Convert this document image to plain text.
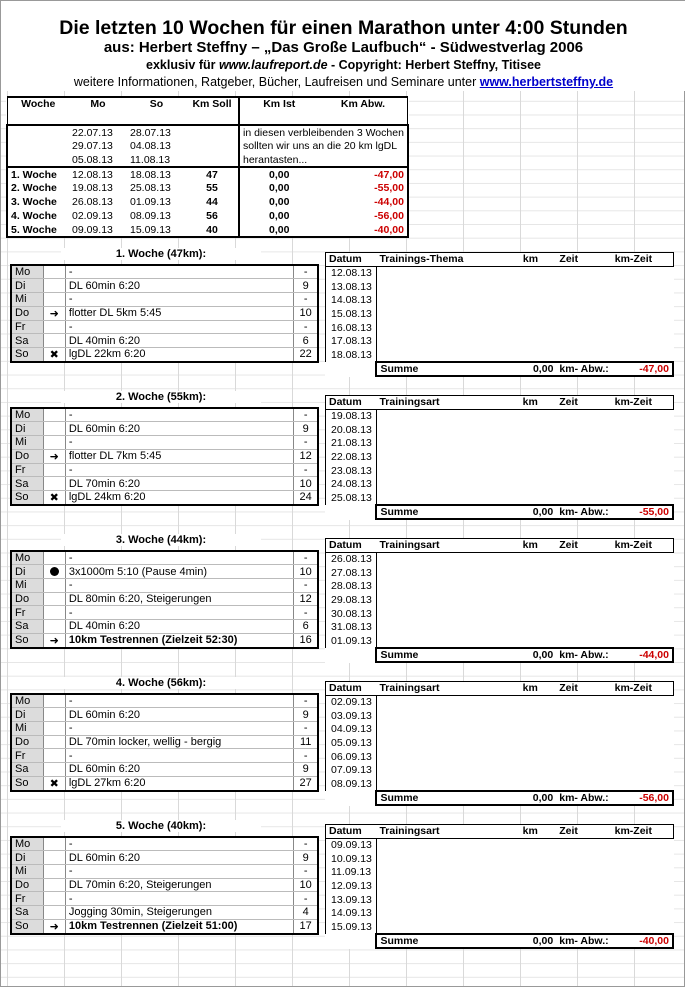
Die letzten 10 Wochen für einen Marathon unter 4:00 Stunden
aus: Herbert Steffny – „Das Große Laufbuch“ - Südwestverlag 2006
exklusiv für www.laufreport.de - Copyright: Herbert Steffny, Titisee
weitere Informationen, Ratgeber, Bücher, Laufreisen und Seminare unter www.herbertsteffny.de
Woche	Mo	So	Km Soll	Km Ist	Km Abw.
	22.07.13	28.07.13		in diesen verbleibenden 3 Wochen	
	29.07.13	04.08.13		sollten wir uns an die 20 km lgDL	
	05.08.13	11.08.13		herantasten...	
1. Woche	12.08.13	18.08.13	47	0,00	-47,00
2. Woche	19.08.13	25.08.13	55	0,00	-55,00
3. Woche	26.08.13	01.09.13	44	0,00	-44,00
4. Woche	02.09.13	08.09.13	56	0,00	-56,00
5. Woche	09.09.13	15.09.13	40	0,00	-40,00
1. Woche (47km):
Mo		-	-
Di		DL 60min 6:20	9
Mi		-	-
Do	➜	flotter DL 5km 5:45	10
Fr		-	-
Sa		DL 40min 6:20	6
So	✖	lgDL 22km 6:20	22
Datum	Trainings-Thema	km	Zeit	km-Zeit
12.08.13				
13.08.13				
14.08.13				
15.08.13				
16.08.13				
17.08.13				
18.08.13				
	Summe	0,00	km- Abw.:	-47,00
2. Woche (55km):
Mo		-	-
Di		DL 60min 6:20	9
Mi		-	-
Do	➜	flotter DL 7km 5:45	12
Fr		-	-
Sa		DL 70min 6:20	10
So	✖	lgDL 24km 6:20	24
Datum	Trainingsart	km	Zeit	km-Zeit
19.08.13				
20.08.13				
21.08.13				
22.08.13				
23.08.13				
24.08.13				
25.08.13				
	Summe	0,00	km- Abw.:	-55,00
3. Woche (44km):
Mo		-	-
Di		3x1000m 5:10 (Pause 4min)	10
Mi		-	-
Do		DL 80min 6:20, Steigerungen	12
Fr		-	-
Sa		DL 40min 6:20	6
So	➜	10km Testrennen (Zielzeit 52:30)	16
Datum	Trainingsart	km	Zeit	km-Zeit
26.08.13				
27.08.13				
28.08.13				
29.08.13				
30.08.13				
31.08.13				
01.09.13				
	Summe	0,00	km- Abw.:	-44,00
4. Woche (56km):
Mo		-	-
Di		DL 60min 6:20	9
Mi		-	-
Do		DL 70min locker, wellig - bergig	11
Fr		-	-
Sa		DL 60min 6:20	9
So	✖	lgDL 27km 6:20	27
Datum	Trainingsart	km	Zeit	km-Zeit
02.09.13				
03.09.13				
04.09.13				
05.09.13				
06.09.13				
07.09.13				
08.09.13				
	Summe	0,00	km- Abw.:	-56,00
5. Woche (40km):
Mo		-	-
Di		DL 60min 6:20	9
Mi		-	-
Do		DL 70min 6:20, Steigerungen	10
Fr		-	-
Sa		Jogging 30min, Steigerungen	4
So	➜	10km Testrennen (Zielzeit 51:00)	17
Datum	Trainingsart	km	Zeit	km-Zeit
09.09.13				
10.09.13				
11.09.13				
12.09.13				
13.09.13				
14.09.13				
15.09.13				
	Summe	0,00	km- Abw.:	-40,00
